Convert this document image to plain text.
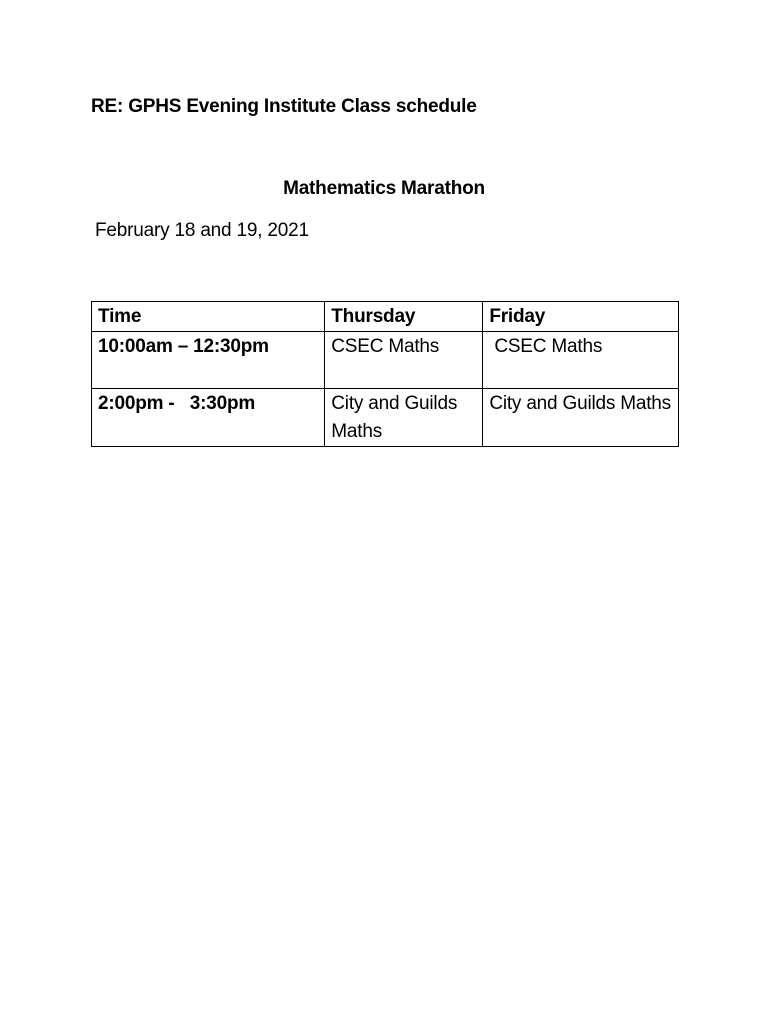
RE: GPHS Evening Institute Class schedule
Mathematics Marathon
February 18 and 19, 2021
Time	Thursday	Friday
10:00am – 12:30pm	CSEC Maths	CSEC Maths
2:00pm -   3:30pm	City and Guilds Maths	City and Guilds Maths
